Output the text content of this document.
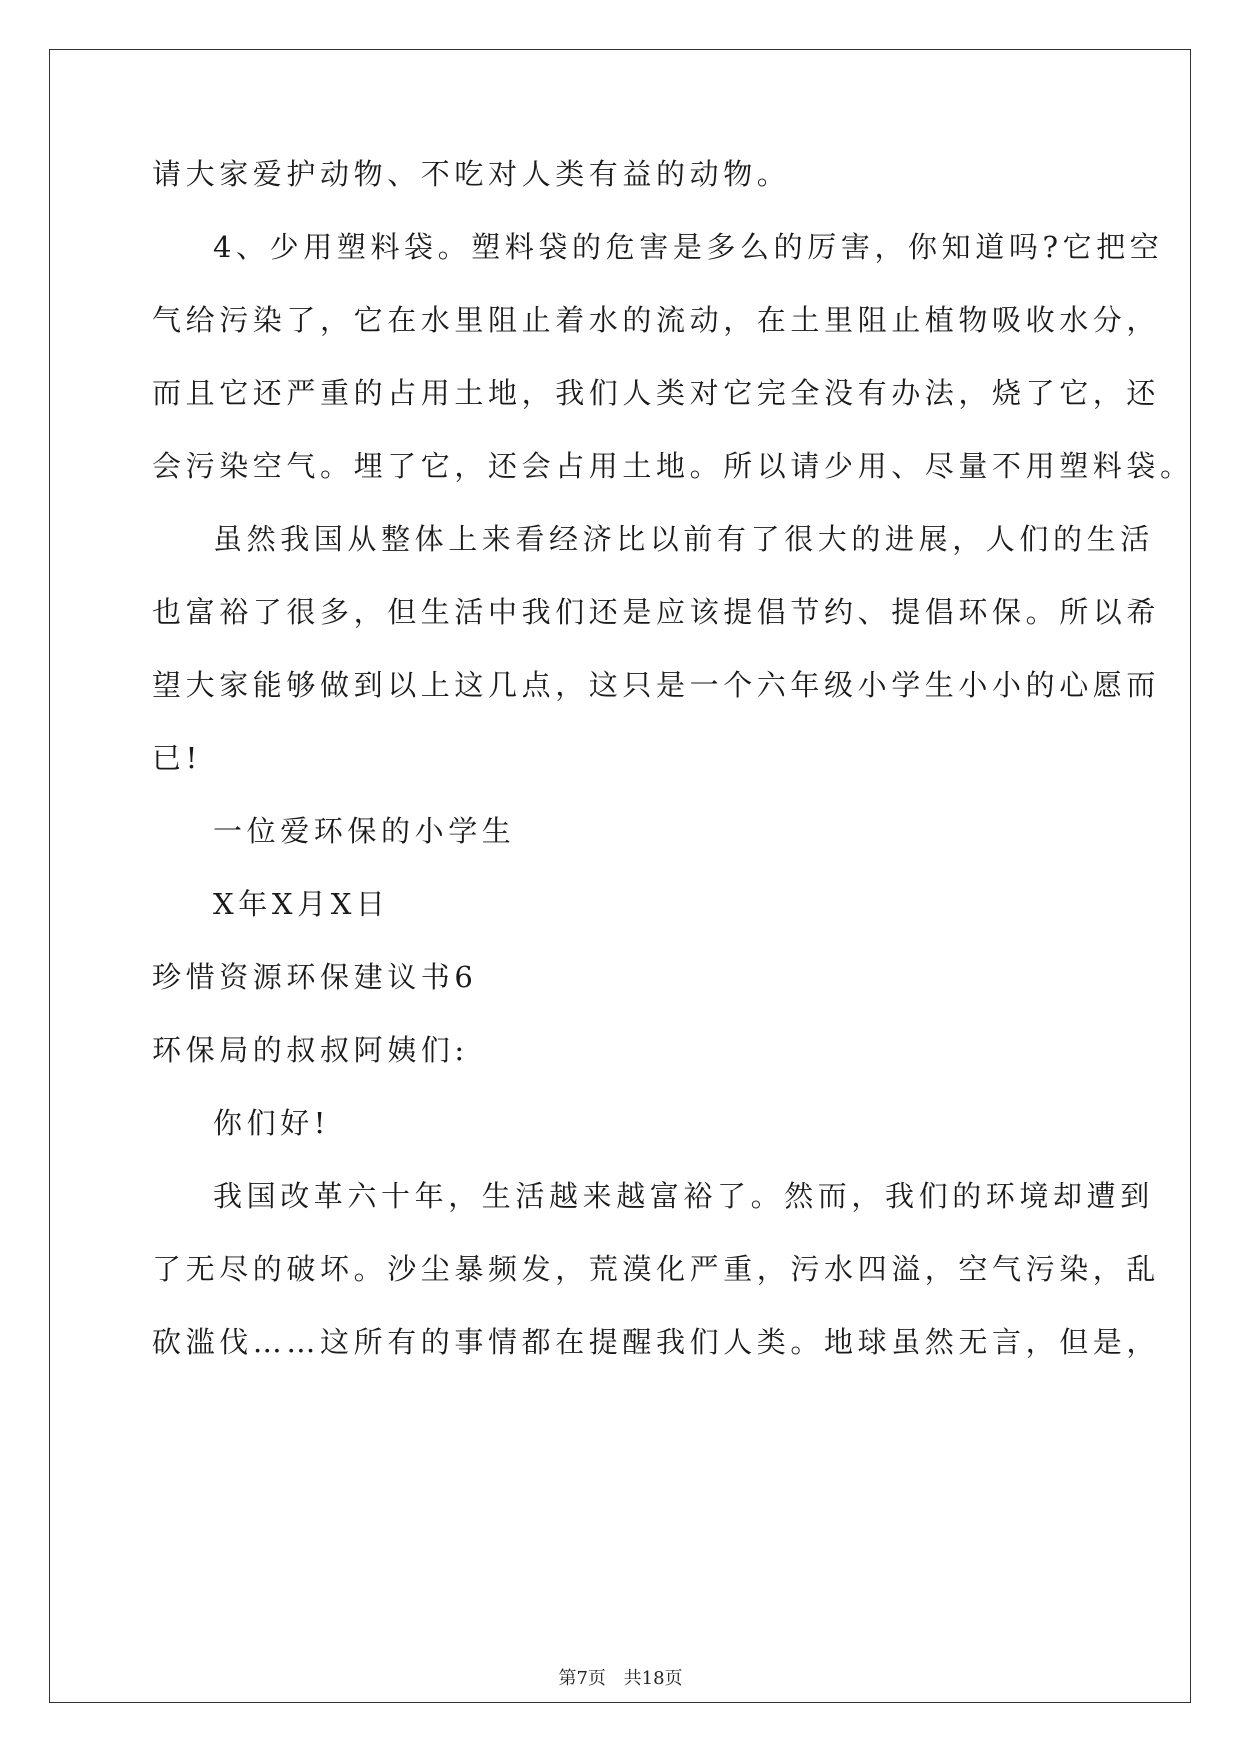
请大家爱护动物、不吃对人类有益的动物。
4、少用塑料袋。塑料袋的危害是多么的厉害，你知道吗?它把空
气给污染了，它在水里阻止着水的流动，在土里阻止植物吸收水分，
而且它还严重的占用土地，我们人类对它完全没有办法，烧了它，还
会污染空气。埋了它，还会占用土地。所以请少用、尽量不用塑料袋。
虽然我国从整体上来看经济比以前有了很大的进展，人们的生活
也富裕了很多，但生活中我们还是应该提倡节约、提倡环保。所以希
望大家能够做到以上这几点，这只是一个六年级小学生小小的心愿而
已!
一位爱环保的小学生
X年X月X日
珍惜资源环保建议书6
环保局的叔叔阿姨们:
你们好!
我国改革六十年，生活越来越富裕了。然而，我们的环境却遭到
了无尽的破坏。沙尘暴频发，荒漠化严重，污水四溢，空气污染，乱
砍滥伐……这所有的事情都在提醒我们人类。地球虽然无言，但是，
第7页 共18页
